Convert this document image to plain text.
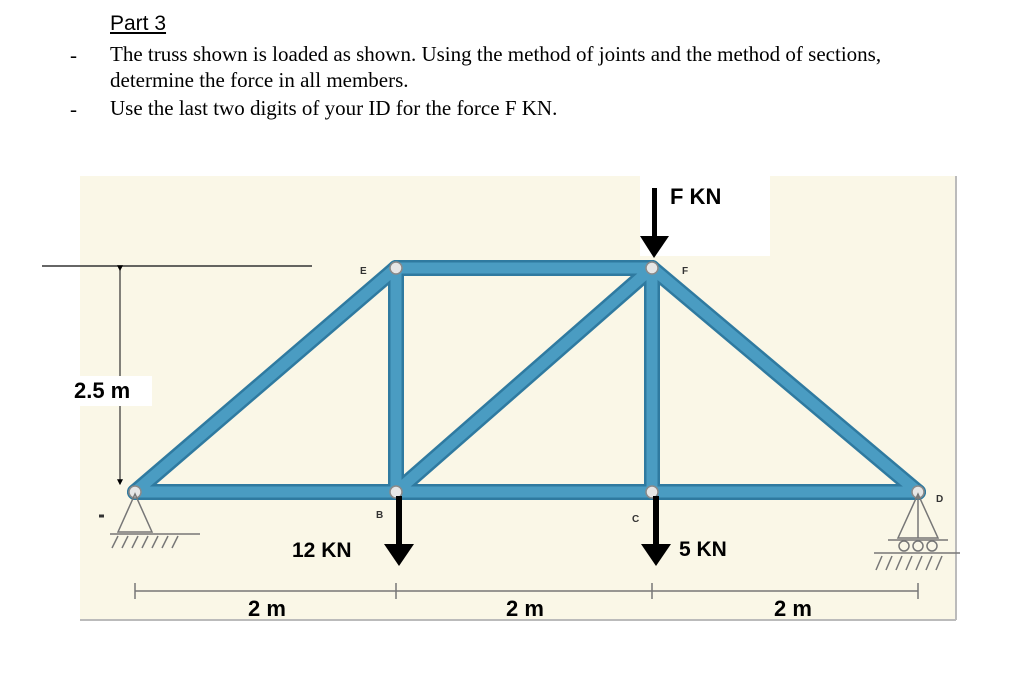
Part 3
- The truss shown is loaded as shown. Using the method of joints and the method of sections,
determine the force in all members.
- Use the last two digits of your ID for the force F KN.
E	F
B	C
D
F KN
12 KN	5 KN
2.5 m
2 m	2 m	2 m
